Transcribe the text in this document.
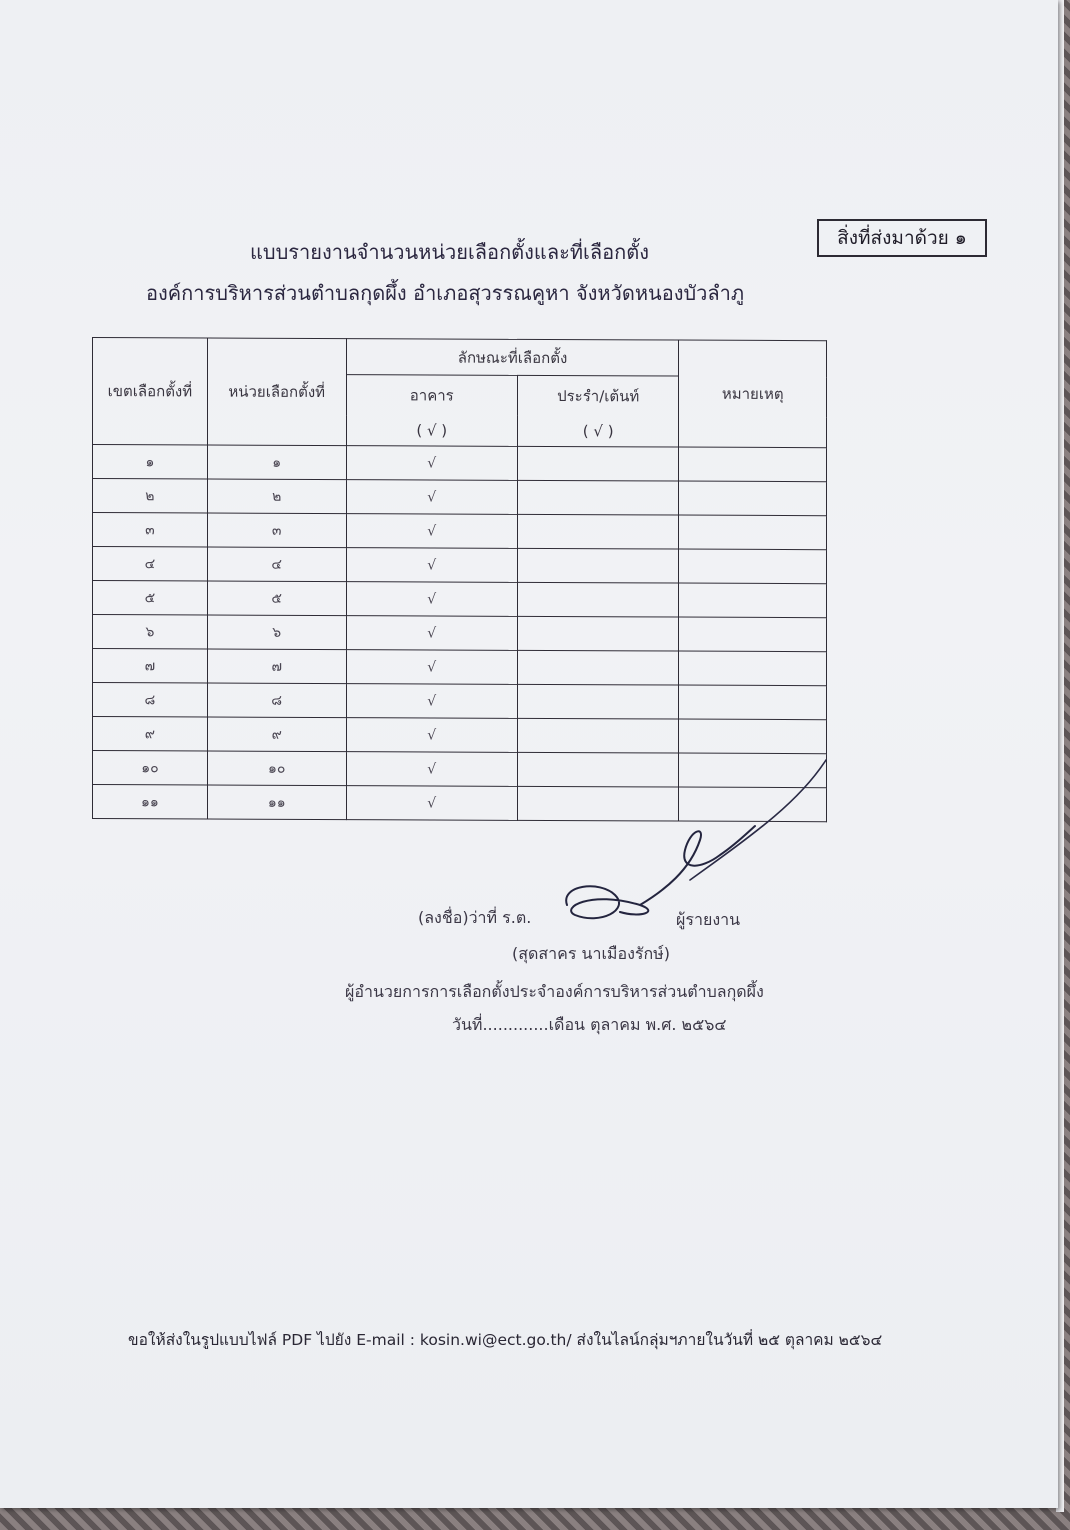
สิ่งที่ส่งมาด้วย ๑
แบบรายงานจำนวนหน่วยเลือกตั้งและที่เลือกตั้ง
องค์การบริหารส่วนตำบลกุดผึ้ง อำเภอสุวรรณคูหา จังหวัดหนองบัวลำภู
เขตเลือกตั้งที่	หน่วยเลือกตั้งที่	ลักษณะที่เลือกตั้ง		หมายเหตุ
		อาคาร	ประรำ/เต้นท์	
		( √ )	( √ )	
๑	๑	√		
๒	๒	√		
๓	๓	√		
๔	๔	√		
๕	๕	√		
๖	๖	√		
๗	๗	√		
๘	๘	√		
๙	๙	√		
๑๐	๑๐	√		
๑๑	๑๑	√		
(ลงชื่อ)ว่าที่ ร.ต.	ผู้รายงาน
(สุดสาคร นาเมืองรักษ์)
ผู้อำนวยการการเลือกตั้งประจำองค์การบริหารส่วนตำบลกุดผึ้ง
วันที่.............เดือน ตุลาคม พ.ศ. ๒๕๖๔
ขอให้ส่งในรูปแบบไฟล์ PDF ไปยัง E-mail : kosin.wi@ect.go.th/ ส่งในไลน์กลุ่มฯภายในวันที่ ๒๕ ตุลาคม ๒๕๖๔
